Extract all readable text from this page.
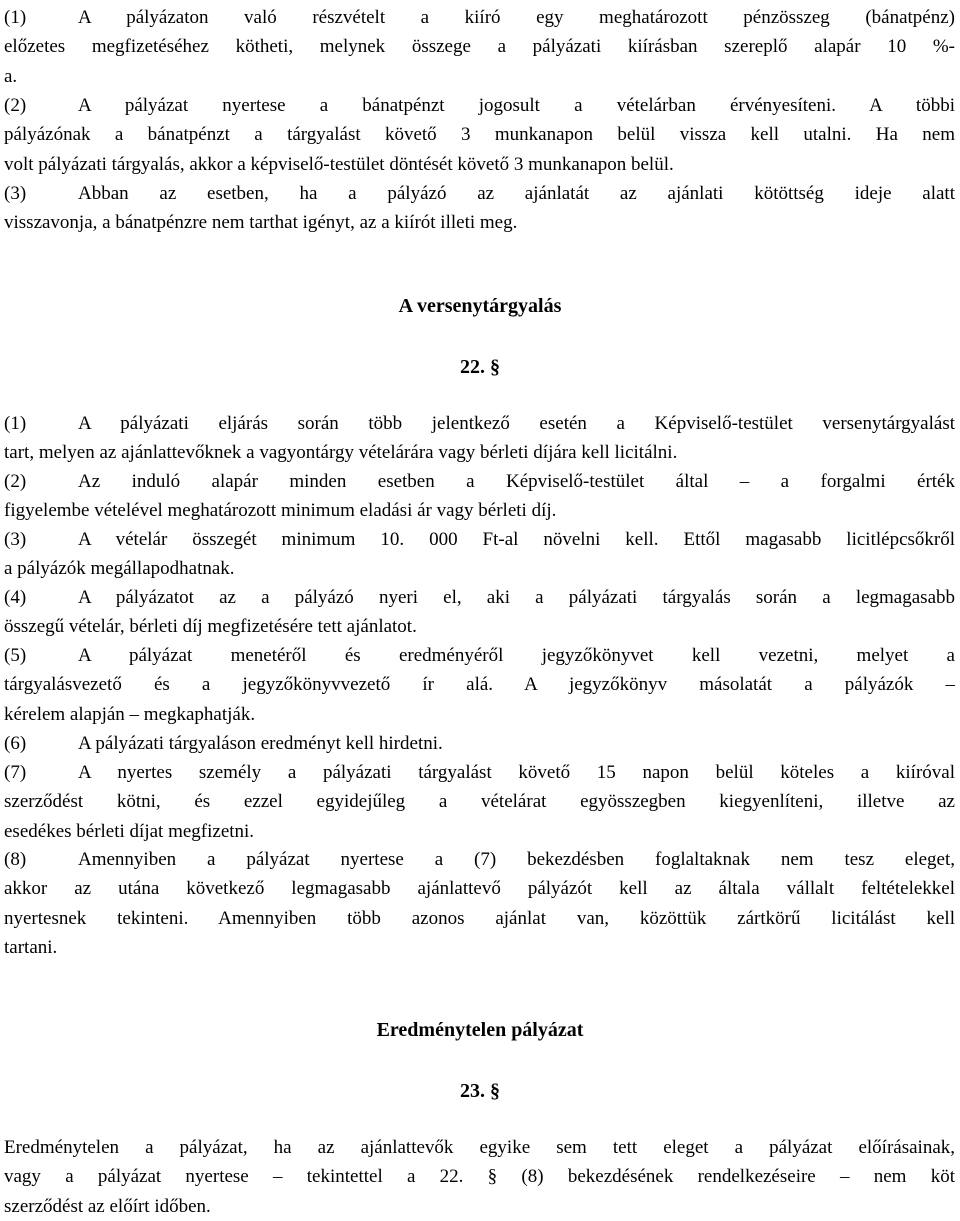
(1)	A pályázaton való részvételt a kiíró egy meghatározott pénzösszeg (bánatpénz)
előzetes megfizetéséhez kötheti, melynek összege a pályázati kiírásban szereplő alapár 10 %-
a.
(2)	A pályázat nyertese a bánatpénzt jogosult a vételárban érvényesíteni. A többi
pályázónak a bánatpénzt a tárgyalást követő 3 munkanapon belül vissza kell utalni. Ha nem
volt pályázati tárgyalás, akkor a képviselő-testület döntését követő 3 munkanapon belül.
(3)	Abban az esetben, ha a pályázó az ajánlatát az ajánlati kötöttség ideje alatt
visszavonja, a bánatpénzre nem tarthat igényt, az a kiírót illeti meg.
A versenytárgyalás
22. §
(1)	A pályázati eljárás során több jelentkező esetén a Képviselő-testület versenytárgyalást
tart, melyen az ajánlattevőknek a vagyontárgy vételárára vagy bérleti díjára kell licitálni.
(2)	Az induló alapár minden esetben a Képviselő-testület által – a forgalmi érték
figyelembe vételével meghatározott minimum eladási ár vagy bérleti díj.
(3)	A vételár összegét minimum 10. 000 Ft-al növelni kell. Ettől magasabb licitlépcsőkről
a pályázók megállapodhatnak.
(4)	A pályázatot az a pályázó nyeri el, aki a pályázati tárgyalás során a legmagasabb
összegű vételár, bérleti díj megfizetésére tett ajánlatot.
(5)	A pályázat menetéről és eredményéről jegyzőkönyvet kell vezetni, melyet a
tárgyalásvezető és a jegyzőkönyvvezető ír alá. A jegyzőkönyv másolatát a pályázók –
kérelem alapján – megkaphatják.
(6)	A pályázati tárgyaláson eredményt kell hirdetni.
(7)	A nyertes személy a pályázati tárgyalást követő 15 napon belül köteles a kiíróval
szerződést kötni, és ezzel egyidejűleg a vételárat egyösszegben kiegyenlíteni, illetve az
esedékes bérleti díjat megfizetni.
(8)	Amennyiben a pályázat nyertese a (7) bekezdésben foglaltaknak nem tesz eleget,
akkor az utána következő legmagasabb ajánlattevő pályázót kell az általa vállalt feltételekkel
nyertesnek tekinteni. Amennyiben több azonos ajánlat van, közöttük zártkörű licitálást kell
tartani.
Eredménytelen pályázat
23. §
Eredménytelen a pályázat, ha az ajánlattevők egyike sem tett eleget a pályázat előírásainak,
vagy a pályázat nyertese – tekintettel a 22. § (8) bekezdésének rendelkezéseire – nem köt
szerződést az előírt időben.
